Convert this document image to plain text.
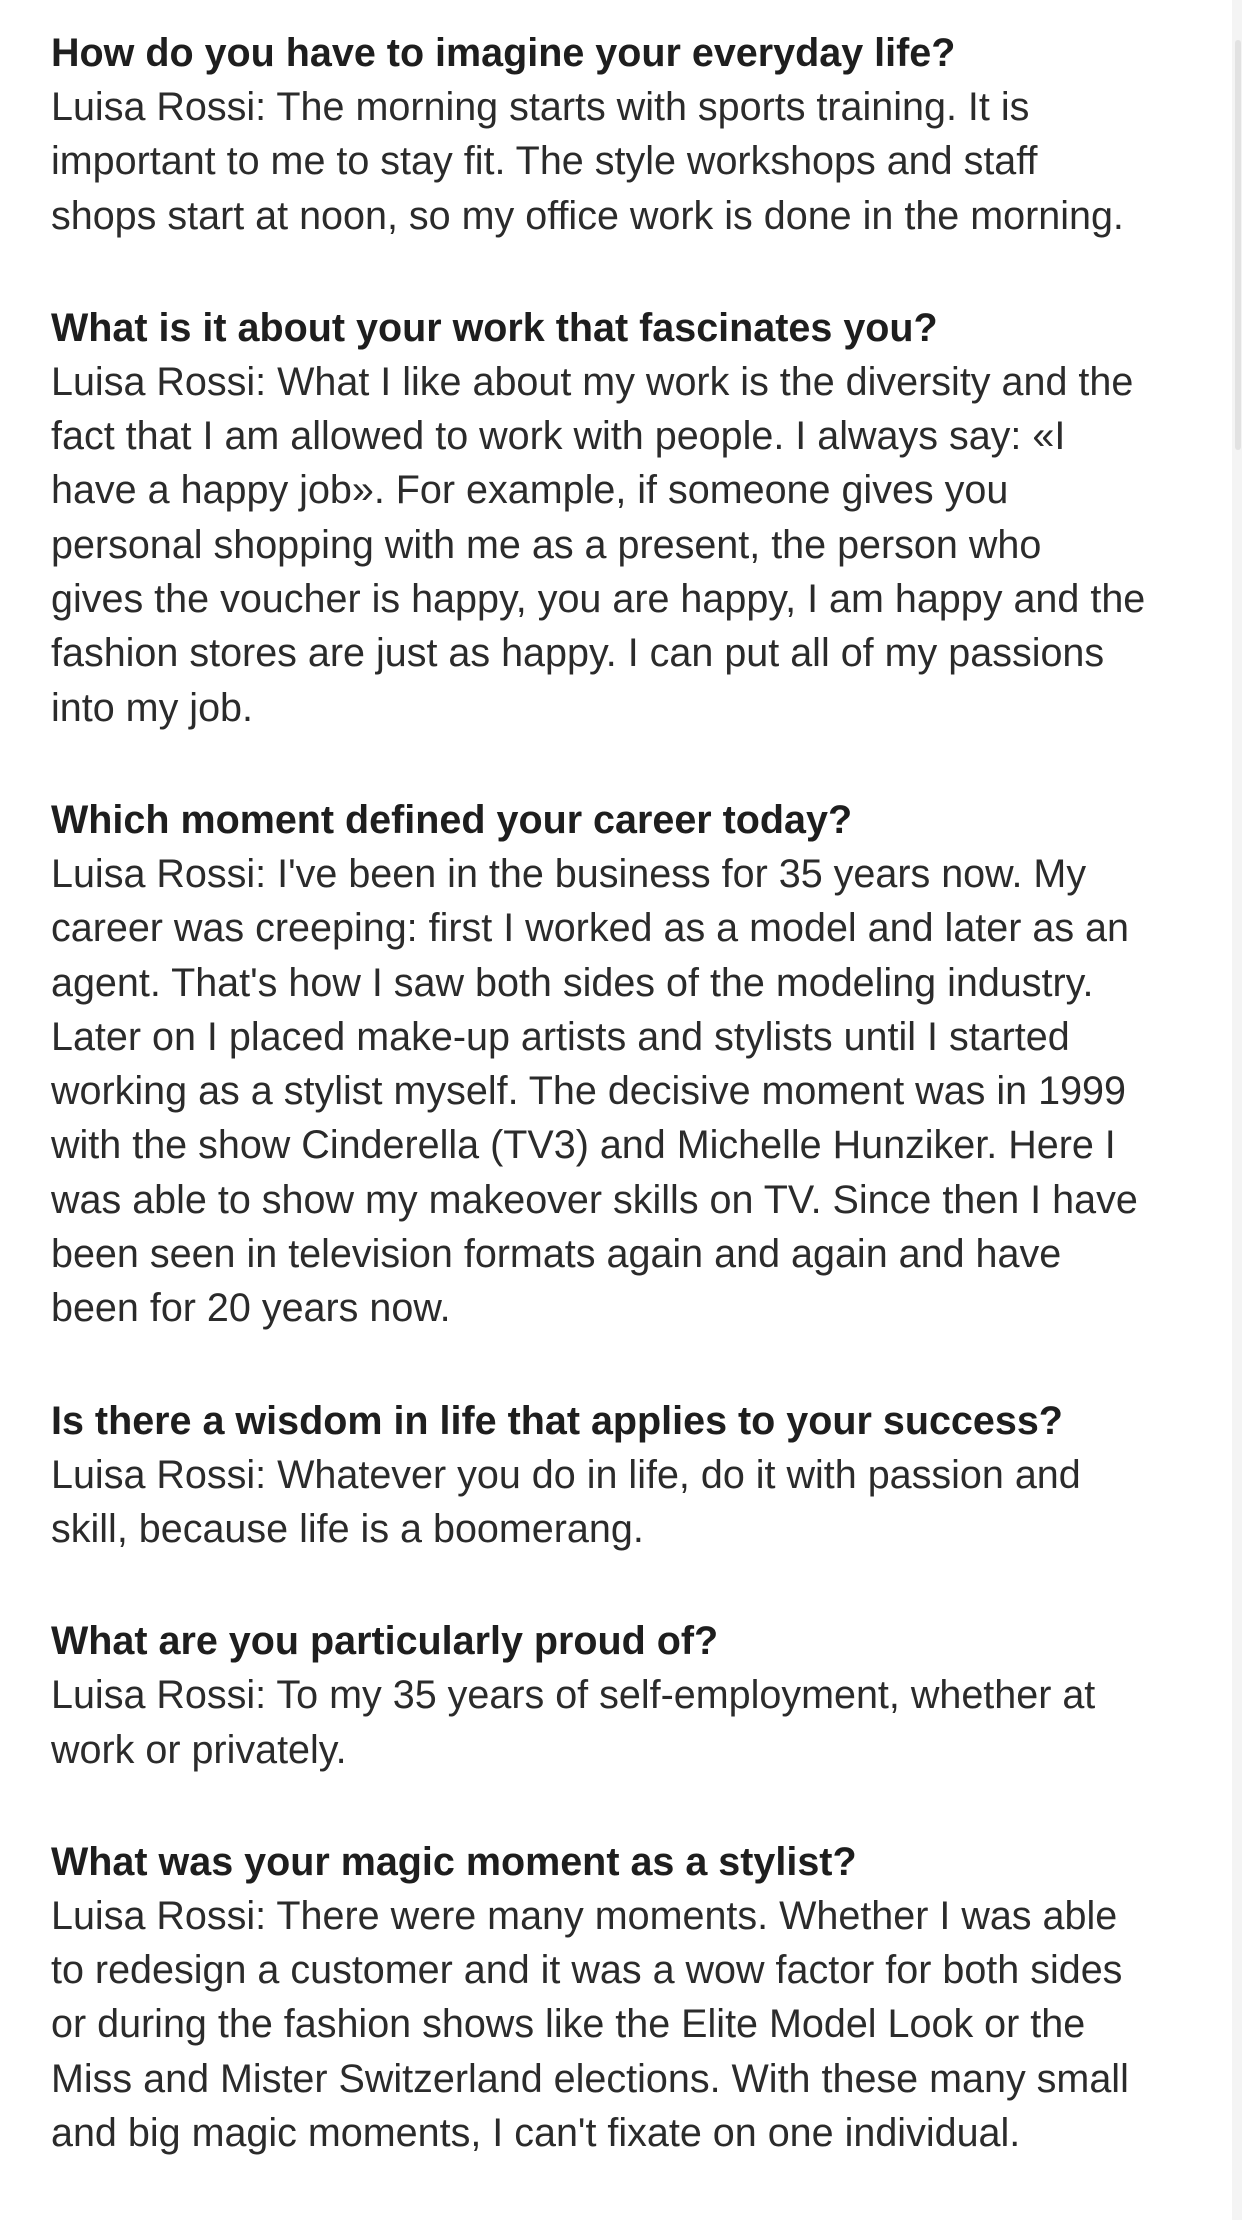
How do you have to imagine your everyday life?

Luisa Rossi: The morning starts with sports training. It is
important to me to stay fit. The style workshops and staff
shops start at noon, so my office work is done in the morning.

What is it about your work that fascinates you?

Luisa Rossi: What I like about my work is the diversity and the
fact that I am allowed to work with people. I always say: «I
have a happy job». For example, if someone gives you
personal shopping with me as a present, the person who
gives the voucher is happy, you are happy, I am happy and the
fashion stores are just as happy. I can put all of my passions
into my job.

Which moment defined your career today?

Luisa Rossi: I've been in the business for 35 years now. My
career was creeping: first I worked as a model and later as an
agent. That's how I saw both sides of the modeling industry.
Later on I placed make-up artists and stylists until I started
working as a stylist myself. The decisive moment was in 1999
with the show Cinderella (TV3) and Michelle Hunziker. Here I
was able to show my makeover skills on TV. Since then I have
been seen in television formats again and again and have
been for 20 years now.

Is there a wisdom in life that applies to your success?

Luisa Rossi: Whatever you do in life, do it with passion and
skill, because life is a boomerang.

What are you particularly proud of?

Luisa Rossi: To my 35 years of self-employment, whether at
work or privately.

What was your magic moment as a stylist?

Luisa Rossi: There were many moments. Whether I was able
to redesign a customer and it was a wow factor for both sides
or during the fashion shows like the Elite Model Look or the
Miss and Mister Switzerland elections. With these many small
and big magic moments, I can't fixate on one individual.
